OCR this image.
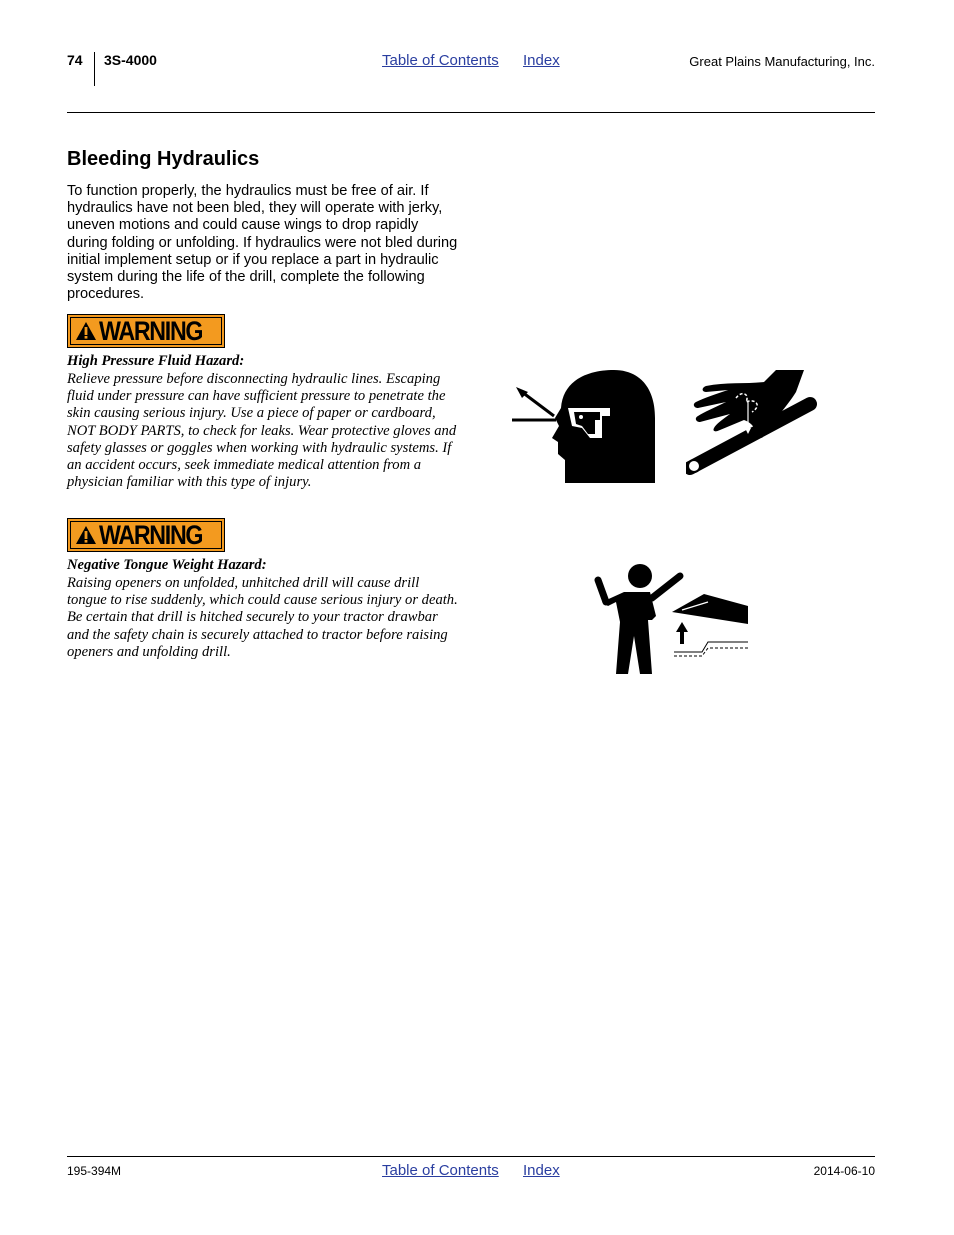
74 3S-4000	Table of Contents Index	Great Plains Manufacturing, Inc.
Bleeding Hydraulics
To function properly, the hydraulics must be free of air. If hydraulics have not been bled, they will operate with jerky, uneven motions and could cause wings to drop rapidly during folding or unfolding. If hydraulics were not bled during initial implement setup or if you replace a part in hydraulic system during the life of the drill, complete the following procedures.
WARNING
High Pressure Fluid Hazard:
Relieve pressure before disconnecting hydraulic lines. Escaping fluid under pressure can have sufficient pressure to penetrate the skin causing serious injury. Use a piece of paper or cardboard, NOT BODY PARTS, to check for leaks. Wear protective gloves and safety glasses or goggles when working with hydraulic systems. If an accident occurs, seek immediate medical attention from a physician familiar with this type of injury.
WARNING
Negative Tongue Weight Hazard:
Raising openers on unfolded, unhitched drill will cause drill tongue to rise suddenly, which could cause serious injury or death. Be certain that drill is hitched securely to your tractor drawbar and the safety chain is securely attached to tractor before raising openers and unfolding drill.
195-394M	Table of Contents Index	2014-06-10
